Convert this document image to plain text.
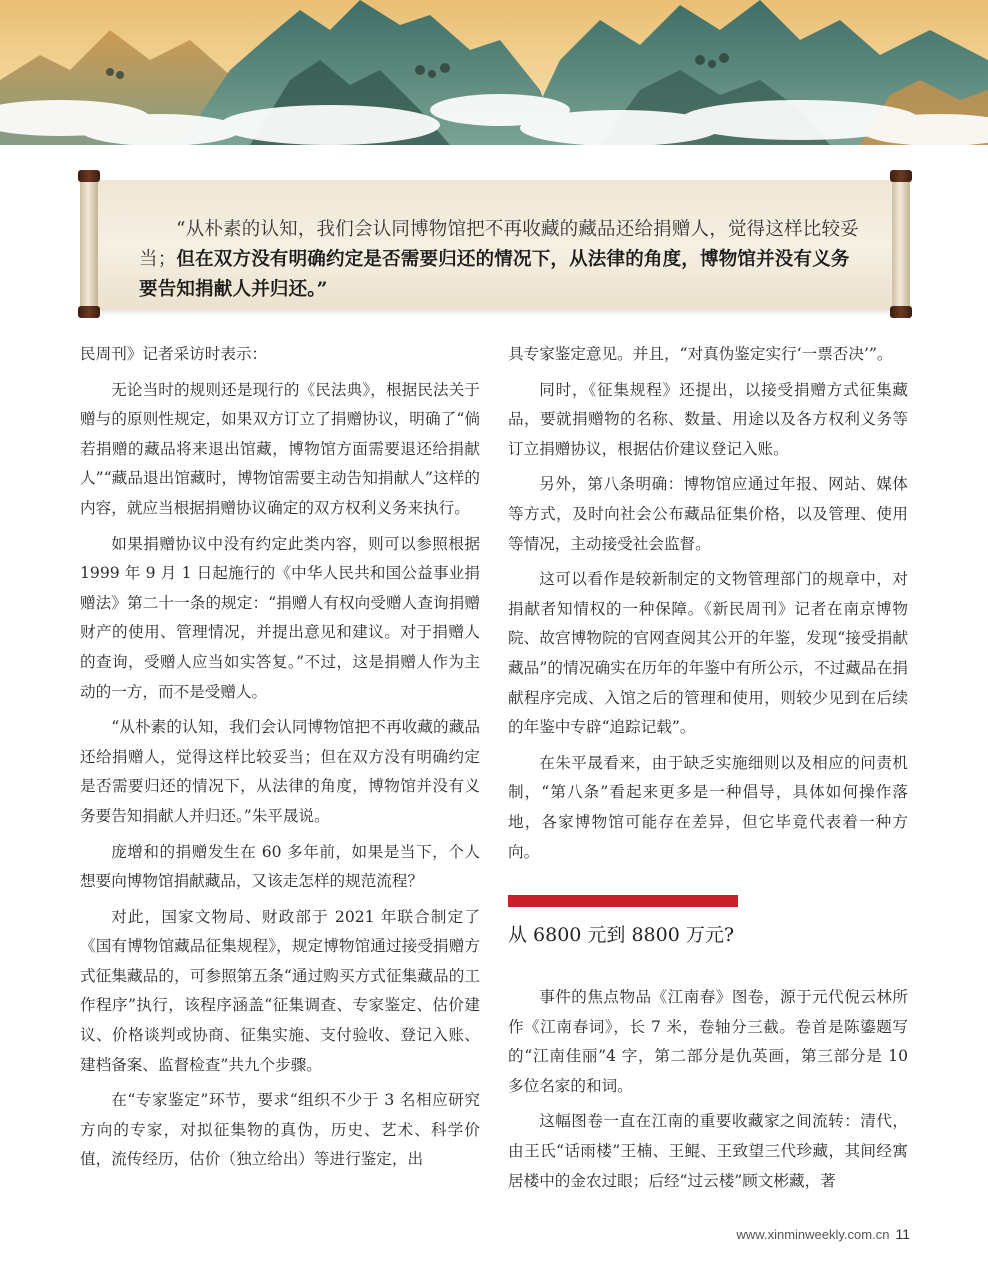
“从朴素的认知，我们会认同博物馆把不再收藏的藏品还给捐赠人，觉得这样比较妥当；但在双方没有明确约定是否需要归还的情况下，从法律的角度，博物馆并没有义务要告知捐献人并归还。”

民周刊》记者采访时表示：

无论当时的规则还是现行的《民法典》，根据民法关于赠与的原则性规定，如果双方订立了捐赠协议，明确了“倘若捐赠的藏品将来退出馆藏，博物馆方面需要退还给捐献人”“藏品退出馆藏时，博物馆需要主动告知捐献人”这样的内容，就应当根据捐赠协议确定的双方权利义务来执行。

如果捐赠协议中没有约定此类内容，则可以参照根据 1999 年 9 月 1 日起施行的《中华人民共和国公益事业捐赠法》第二十一条的规定：“捐赠人有权向受赠人查询捐赠财产的使用、管理情况，并提出意见和建议。对于捐赠人的查询，受赠人应当如实答复。”不过，这是捐赠人作为主动的一方，而不是受赠人。

“从朴素的认知，我们会认同博物馆把不再收藏的藏品还给捐赠人，觉得这样比较妥当；但在双方没有明确约定是否需要归还的情况下，从法律的角度，博物馆并没有义务要告知捐献人并归还。”朱平晟说。

庞增和的捐赠发生在 60 多年前，如果是当下，个人想要向博物馆捐献藏品，又该走怎样的规范流程？

对此，国家文物局、财政部于 2021 年联合制定了《国有博物馆藏品征集规程》，规定博物馆通过接受捐赠方式征集藏品的，可参照第五条“通过购买方式征集藏品的工作程序”执行，该程序涵盖“征集调查、专家鉴定、估价建议、价格谈判或协商、征集实施、支付验收、登记入账、建档备案、监督检查”共九个步骤。

在“专家鉴定”环节，要求“组织不少于 3 名相应研究方向的专家，对拟征集物的真伪，历史、艺术、科学价值，流传经历，估价（独立给出）等进行鉴定，出

具专家鉴定意见。并且，“对真伪鉴定实行‘一票否决’”。

同时，《征集规程》还提出，以接受捐赠方式征集藏品，要就捐赠物的名称、数量、用途以及各方权利义务等订立捐赠协议，根据估价建议登记入账。

另外，第八条明确：博物馆应通过年报、网站、媒体等方式，及时向社会公布藏品征集价格，以及管理、使用等情况，主动接受社会监督。

这可以看作是较新制定的文物管理部门的规章中，对捐献者知情权的一种保障。《新民周刊》记者在南京博物院、故宫博物院的官网查阅其公开的年鉴，发现“接受捐献藏品”的情况确实在历年的年鉴中有所公示，不过藏品在捐献程序完成、入馆之后的管理和使用，则较少见到在后续的年鉴中专辟“追踪记载”。

在朱平晟看来，由于缺乏实施细则以及相应的问责机制，“第八条”看起来更多是一种倡导，具体如何操作落地，各家博物馆可能存在差异，但它毕竟代表着一种方向。

从 6800 元到 8800 万元?

事件的焦点物品《江南春》图卷，源于元代倪云林所作《江南春词》，长 7 米，卷轴分三截。卷首是陈鎏题写的“江南佳丽”4 字，第二部分是仇英画，第三部分是 10 多位名家的和词。

这幅图卷一直在江南的重要收藏家之间流转：清代，由王氏“话雨楼”王楠、王鲲、王致望三代珍藏，其间经寓居楼中的金农过眼；后经“过云楼”顾文彬藏，著

www.xinminweekly.com.cn 11
